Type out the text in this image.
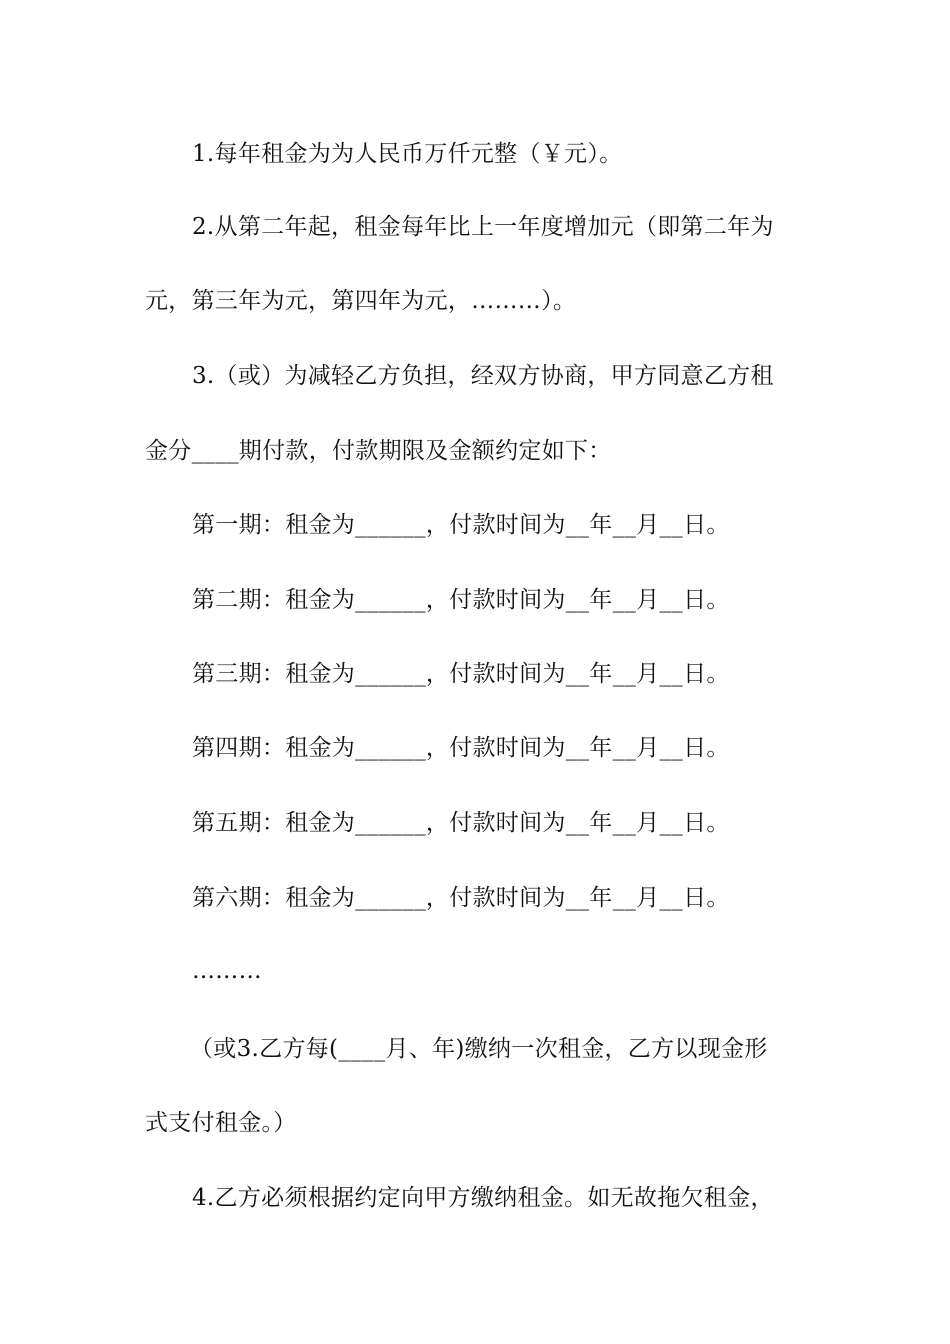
1.每年租金为为人民币万仟元整（￥元）。
2.从第二年起，租金每年比上一年度增加元（即第二年为
元，第三年为元，第四年为元，………）。
3.（或）为减轻乙方负担，经双方协商，甲方同意乙方租
金分____期付款，付款期限及金额约定如下：
第一期：租金为______，付款时间为__年__月__日。
第二期：租金为______，付款时间为__年__月__日。
第三期：租金为______，付款时间为__年__月__日。
第四期：租金为______，付款时间为__年__月__日。
第五期：租金为______，付款时间为__年__月__日。
第六期：租金为______，付款时间为__年__月__日。
………
（或3.乙方每(____月、年)缴纳一次租金，乙方以现金形
式支付租金。）
4.乙方必须根据约定向甲方缴纳租金。如无故拖欠租金，
